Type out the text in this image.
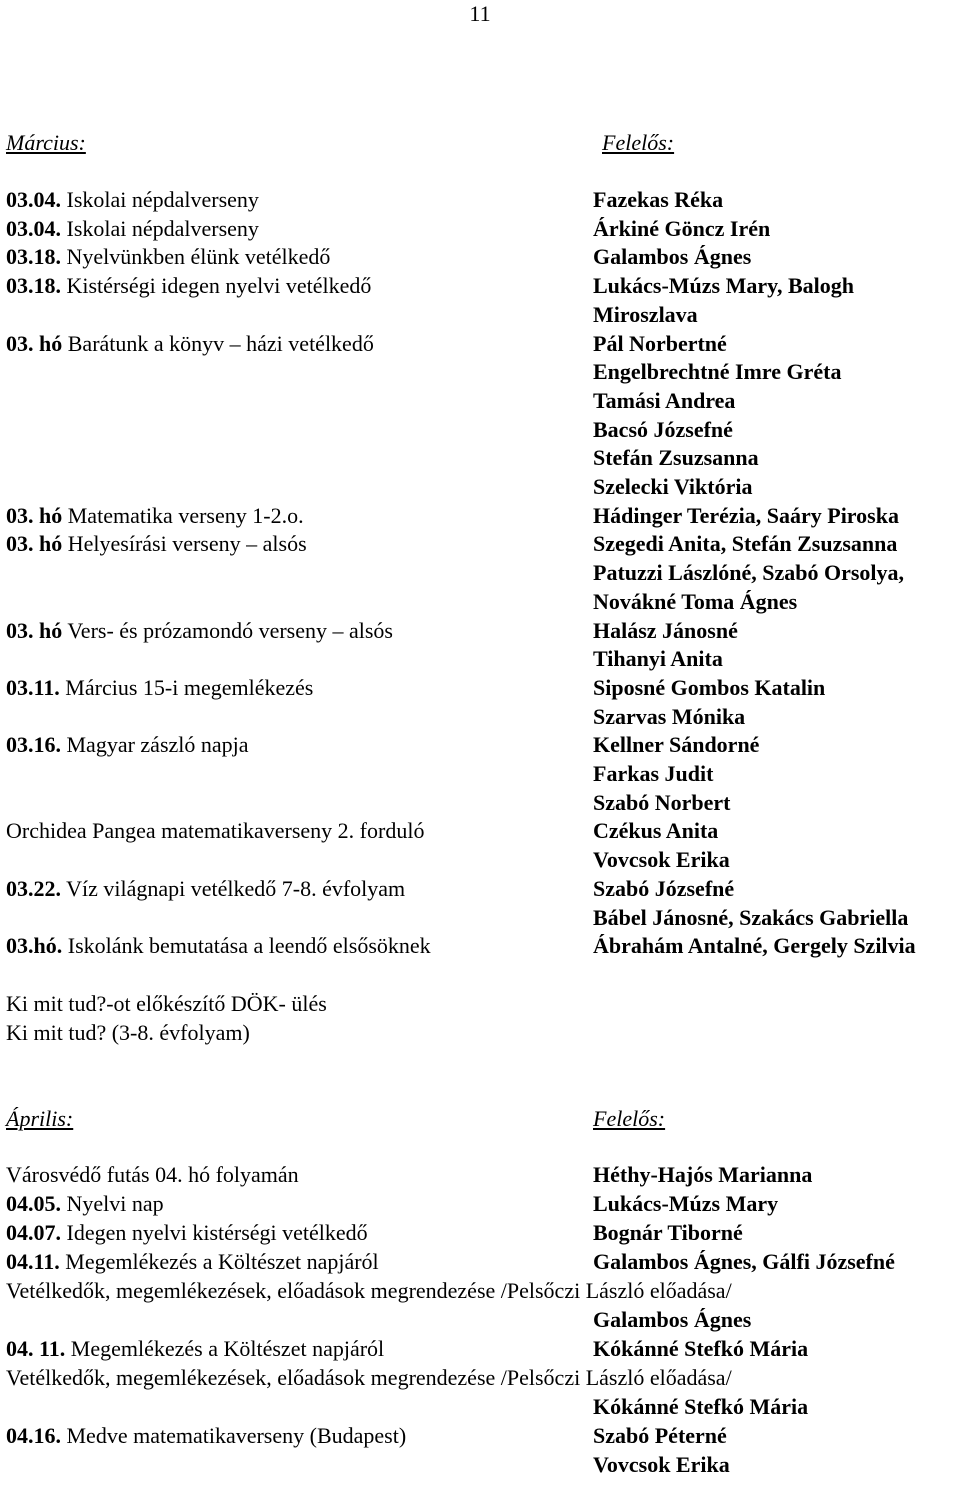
11
Március:	Felelős:
03.04. Iskolai népdalverseny	Fazekas Réka
03.04. Iskolai népdalverseny	Árkiné Göncz Irén
03.18. Nyelvünkben élünk vetélkedő	Galambos Ágnes
03.18. Kistérségi idegen nyelvi vetélkedő	Lukács-Múzs Mary, Balogh
Miroszlava
03. hó Barátunk a könyv – házi vetélkedő	Pál Norbertné
Engelbrechtné Imre Gréta
Tamási Andrea
Bacsó Józsefné
Stefán Zsuzsanna
Szelecki Viktória
03. hó Matematika verseny 1-2.o.	Hádinger Terézia, Saáry Piroska
03. hó Helyesírási verseny – alsós	Szegedi Anita, Stefán Zsuzsanna
Patuzzi Lászlóné, Szabó Orsolya,
Novákné Toma Ágnes
03. hó Vers- és prózamondó verseny – alsós	Halász Jánosné
Tihanyi Anita
03.11. Március 15-i megemlékezés	Siposné Gombos Katalin
Szarvas Mónika
03.16. Magyar zászló napja	Kellner Sándorné
Farkas Judit
Szabó Norbert
Orchidea Pangea matematikaverseny 2. forduló	Czékus Anita
Vovcsok Erika
03.22. Víz világnapi vetélkedő 7-8. évfolyam	Szabó Józsefné
Bábel Jánosné, Szakács Gabriella
03.hó. Iskolánk bemutatása a leendő elsősöknek	Ábrahám Antalné, Gergely Szilvia
Ki mit tud?-ot előkészítő DÖK- ülés
Ki mit tud? (3-8. évfolyam)
Április:	Felelős:
Városvédő futás 04. hó folyamán	Héthy-Hajós Marianna
04.05. Nyelvi nap	Lukács-Múzs Mary
04.07. Idegen nyelvi kistérségi vetélkedő	Bognár Tiborné
04.11. Megemlékezés a Költészet napjáról	Galambos Ágnes, Gálfi Józsefné
Vetélkedők, megemlékezések, előadások megrendezése /Pelsőczi László előadása/
Galambos Ágnes
04. 11. Megemlékezés a Költészet napjáról	Kókánné Stefkó Mária
Vetélkedők, megemlékezések, előadások megrendezése /Pelsőczi László előadása/
Kókánné Stefkó Mária
04.16. Medve matematikaverseny (Budapest)	Szabó Péterné
Vovcsok Erika
